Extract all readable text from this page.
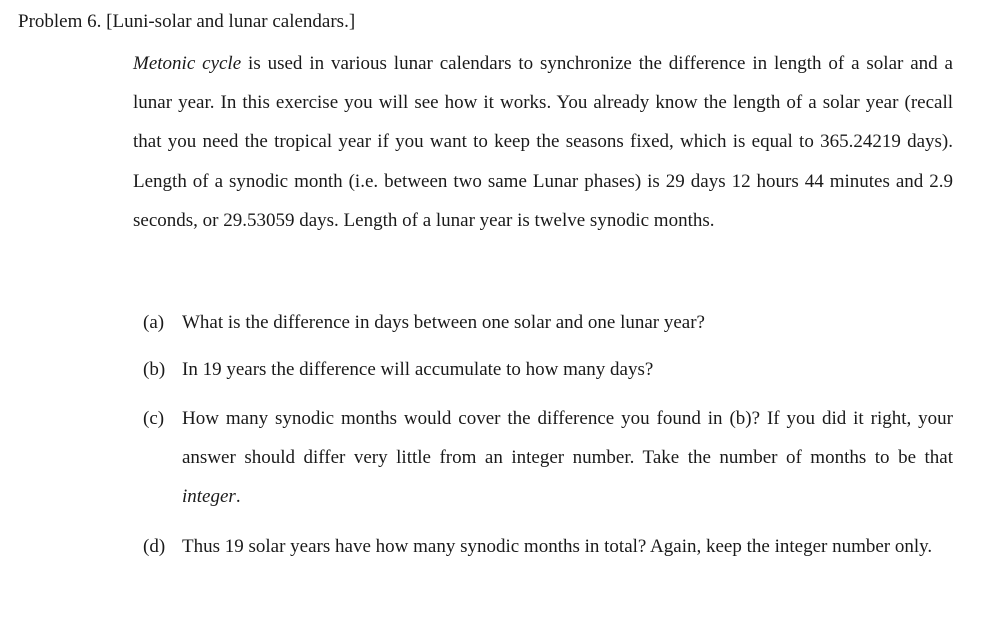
Problem 6. [Luni-solar and lunar calendars.]

Metonic cycle is used in various lunar calendars to synchronize the difference in length of a solar and a lunar year. In this exercise you will see how it works. You already know the length of a solar year (recall that you need the tropical year if you want to keep the seasons fixed, which is equal to 365.24219 days). Length of a synodic month (i.e. between two same Lunar phases) is 29 days 12 hours 44 minutes and 2.9 seconds, or 29.53059 days. Length of a lunar year is twelve synodic months.

(a) What is the difference in days between one solar and one lunar year?

(b) In 19 years the difference will accumulate to how many days?

(c) How many synodic months would cover the difference you found in (b)? If you did it right, your answer should differ very little from an integer number. Take the number of months to be that integer.

(d) Thus 19 solar years have how many synodic months in total? Again, keep the integer number only.
